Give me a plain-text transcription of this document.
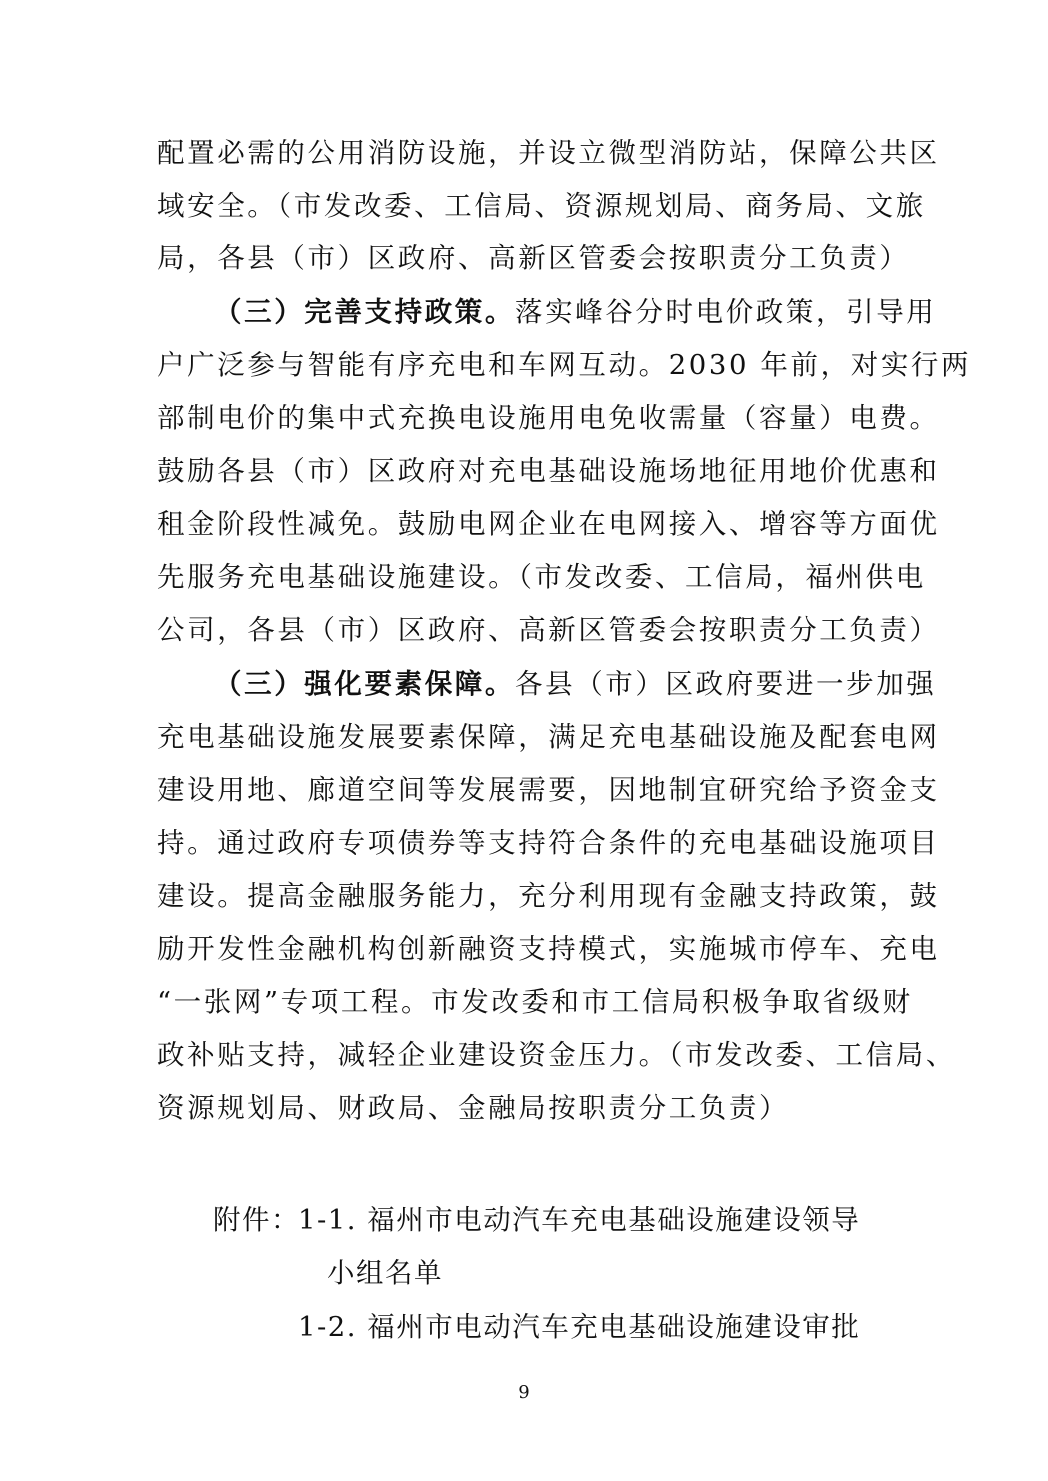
配置必需的公用消防设施，并设立微型消防站，保障公共区
域安全。（市发改委、工信局、资源规划局、商务局、文旅
局，各县（市）区政府、高新区管委会按职责分工负责）
（三）完善支持政策。落实峰谷分时电价政策，引导用
户广泛参与智能有序充电和车网互动。2030 年前，对实行两
部制电价的集中式充换电设施用电免收需量（容量）电费。
鼓励各县（市）区政府对充电基础设施场地征用地价优惠和
租金阶段性减免。鼓励电网企业在电网接入、增容等方面优
先服务充电基础设施建设。（市发改委、工信局，福州供电
公司，各县（市）区政府、高新区管委会按职责分工负责）
（三）强化要素保障。各县（市）区政府要进一步加强
充电基础设施发展要素保障，满足充电基础设施及配套电网
建设用地、廊道空间等发展需要，因地制宜研究给予资金支
持。通过政府专项债券等支持符合条件的充电基础设施项目
建设。提高金融服务能力，充分利用现有金融支持政策，鼓
励开发性金融机构创新融资支持模式，实施城市停车、充电
“一张网”专项工程。市发改委和市工信局积极争取省级财
政补贴支持，减轻企业建设资金压力。（市发改委、工信局、
资源规划局、财政局、金融局按职责分工负责）
附件：
1-1. 福州市电动汽车充电基础设施建设领导
小组名单
1-2. 福州市电动汽车充电基础设施建设审批
9
